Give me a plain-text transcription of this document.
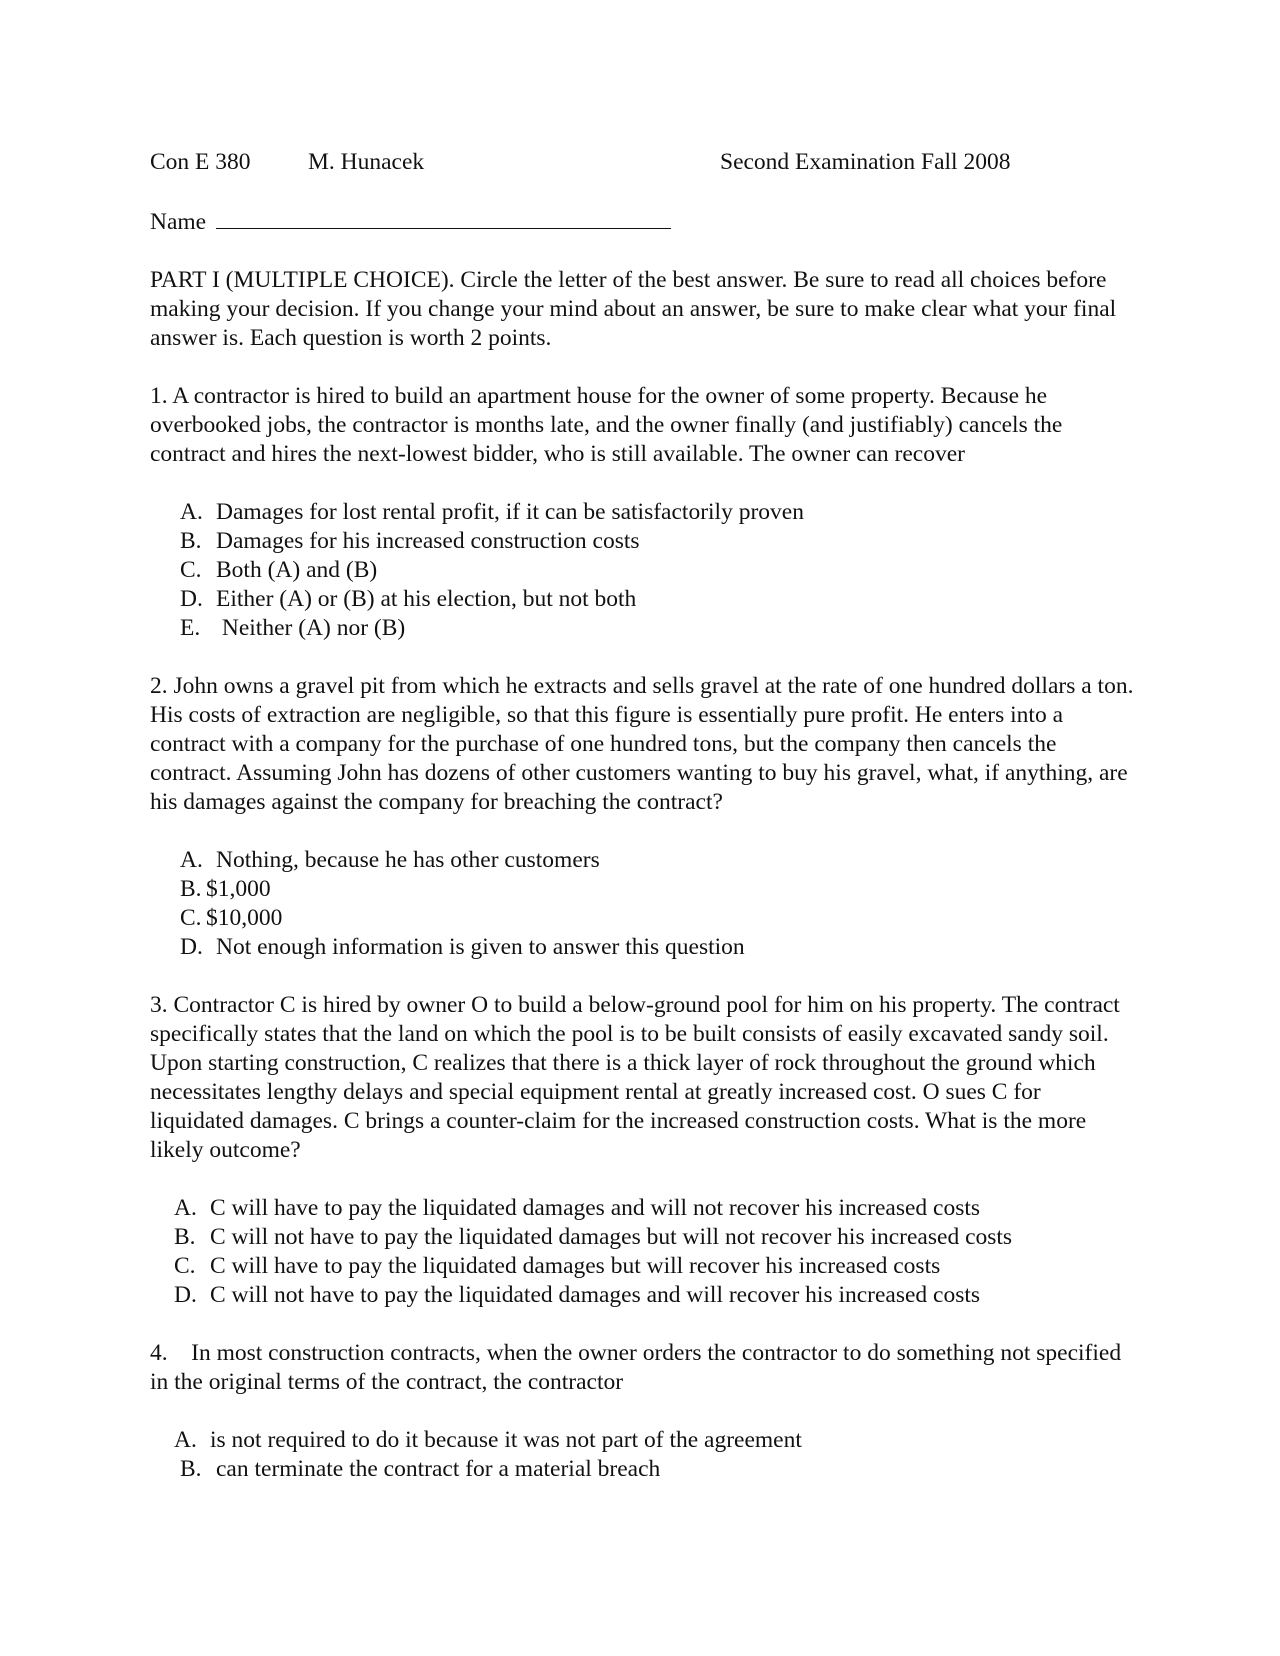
Con E 380 M. Hunacek	Second Examination Fall 2008
Name

PART I (MULTIPLE CHOICE). Circle the letter of the best answer. Be sure to read all choices before making your decision. If you change your mind about an answer, be sure to make clear what your final answer is. Each question is worth 2 points.

1. A contractor is hired to build an apartment house for the owner of some property. Because he overbooked jobs, the contractor is months late, and the owner finally (and justifiably) cancels the contract and hires the next-lowest bidder, who is still available. The owner can recover

A. Damages for lost rental profit, if it can be satisfactorily proven
B. Damages for his increased construction costs
C. Both (A) and (B)
D. Either (A) or (B) at his election, but not both
E. Neither (A) nor (B)

2. John owns a gravel pit from which he extracts and sells gravel at the rate of one hundred dollars a ton. His costs of extraction are negligible, so that this figure is essentially pure profit. He enters into a contract with a company for the purchase of one hundred tons, but the company then cancels the contract. Assuming John has dozens of other customers wanting to buy his gravel, what, if anything, are his damages against the company for breaching the contract?

A. Nothing, because he has other customers
B. $1,000
C. $10,000
D. Not enough information is given to answer this question

3. Contractor C is hired by owner O to build a below-ground pool for him on his property. The contract specifically states that the land on which the pool is to be built consists of easily excavated sandy soil. Upon starting construction, C realizes that there is a thick layer of rock throughout the ground which necessitates lengthy delays and special equipment rental at greatly increased cost. O sues C for liquidated damages. C brings a counter-claim for the increased construction costs. What is the more likely outcome?

A. C will have to pay the liquidated damages and will not recover his increased costs
B. C will not have to pay the liquidated damages but will not recover his increased costs
C. C will have to pay the liquidated damages but will recover his increased costs
D. C will not have to pay the liquidated damages and will recover his increased costs

4.    In most construction contracts, when the owner orders the contractor to do something not specified in the original terms of the contract, the contractor

A. is not required to do it because it was not part of the agreement
B. can terminate the contract for a material breach
